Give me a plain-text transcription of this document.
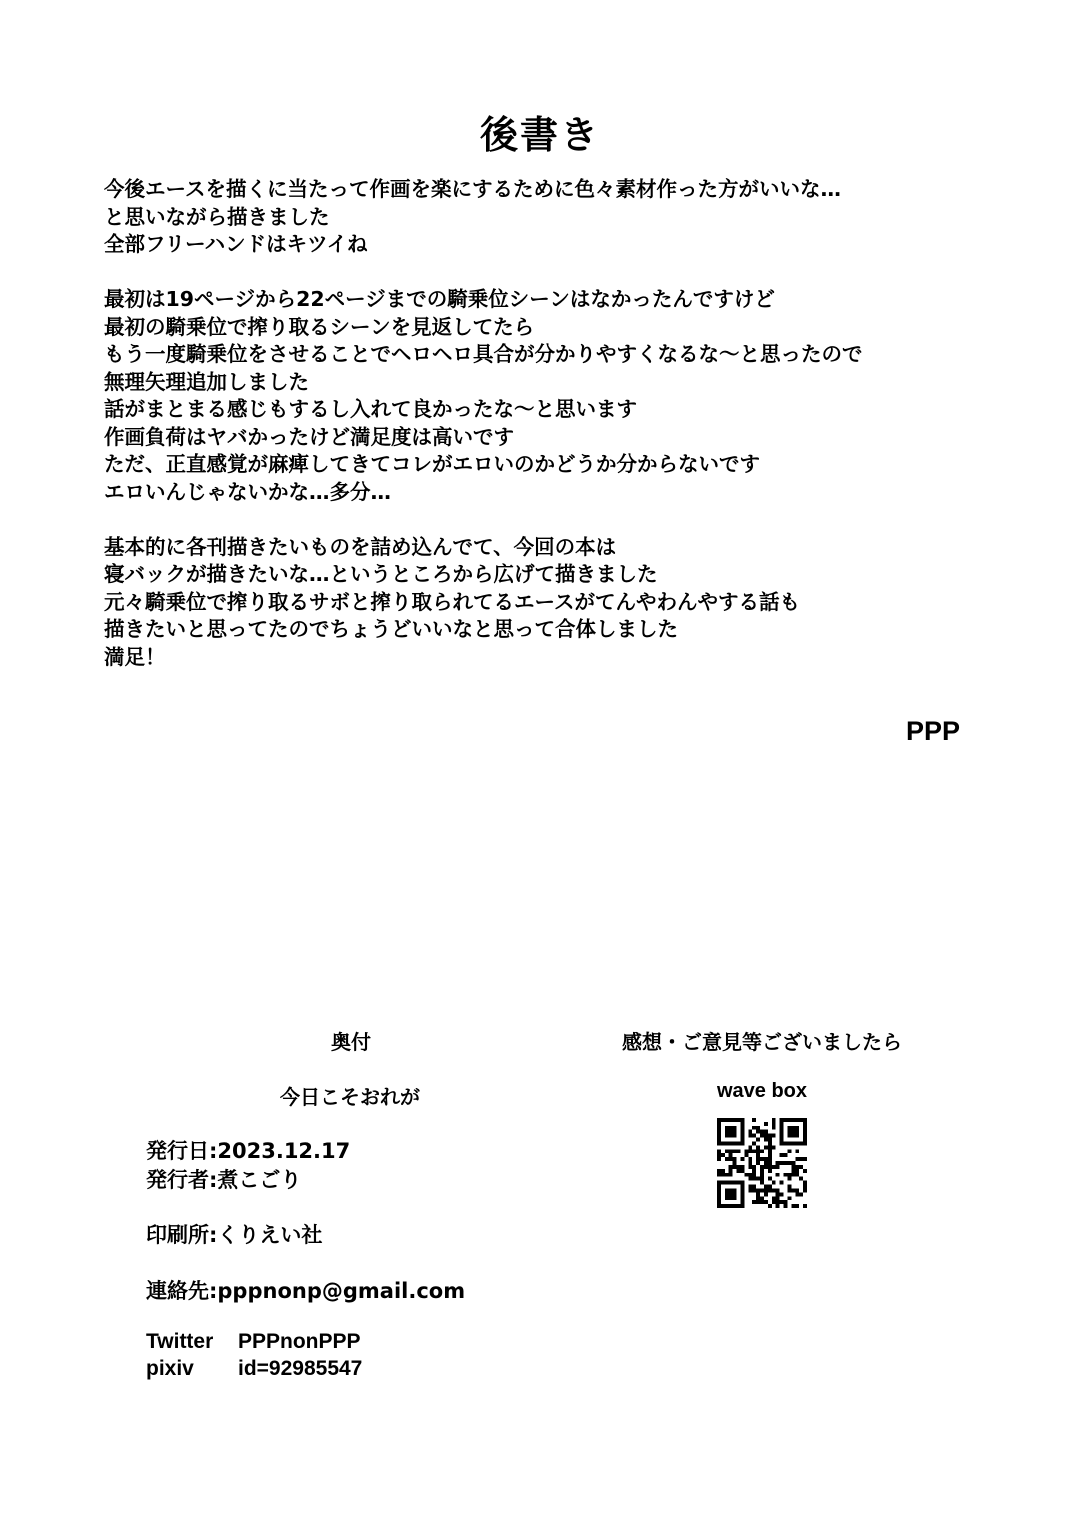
後書き
今後エースを描くに当たって作画を楽にするために色々素材作った方がいいな…
と思いながら描きました
全部フリーハンドはキツイね
最初は19ページから22ページまでの騎乗位シーンはなかったんですけど
最初の騎乗位で搾り取るシーンを見返してたら
もう一度騎乗位をさせることでヘロヘロ具合が分かりやすくなるな〜と思ったので
無理矢理追加しました
話がまとまる感じもするし入れて良かったな〜と思います
作画負荷はヤバかったけど満足度は高いです
ただ、正直感覚が麻痺してきてコレがエロいのかどうか分からないです
エロいんじゃないかな…多分…
基本的に各刊描きたいものを詰め込んでて、今回の本は
寝バックが描きたいな…というところから広げて描きました
元々騎乗位で搾り取るサボと搾り取られてるエースがてんやわんやする話も
描きたいと思ってたのでちょうどいいなと思って合体しました
満足！
PPP
奥付
今日こそおれが
発行日:2023.12.17
発行者:煮こごり
印刷所:くりえい社
連絡先:pppnonp@gmail.com
Twitter PPPnonPPP
pixiv id=92985547
感想・ご意見等ございましたら
wave box
